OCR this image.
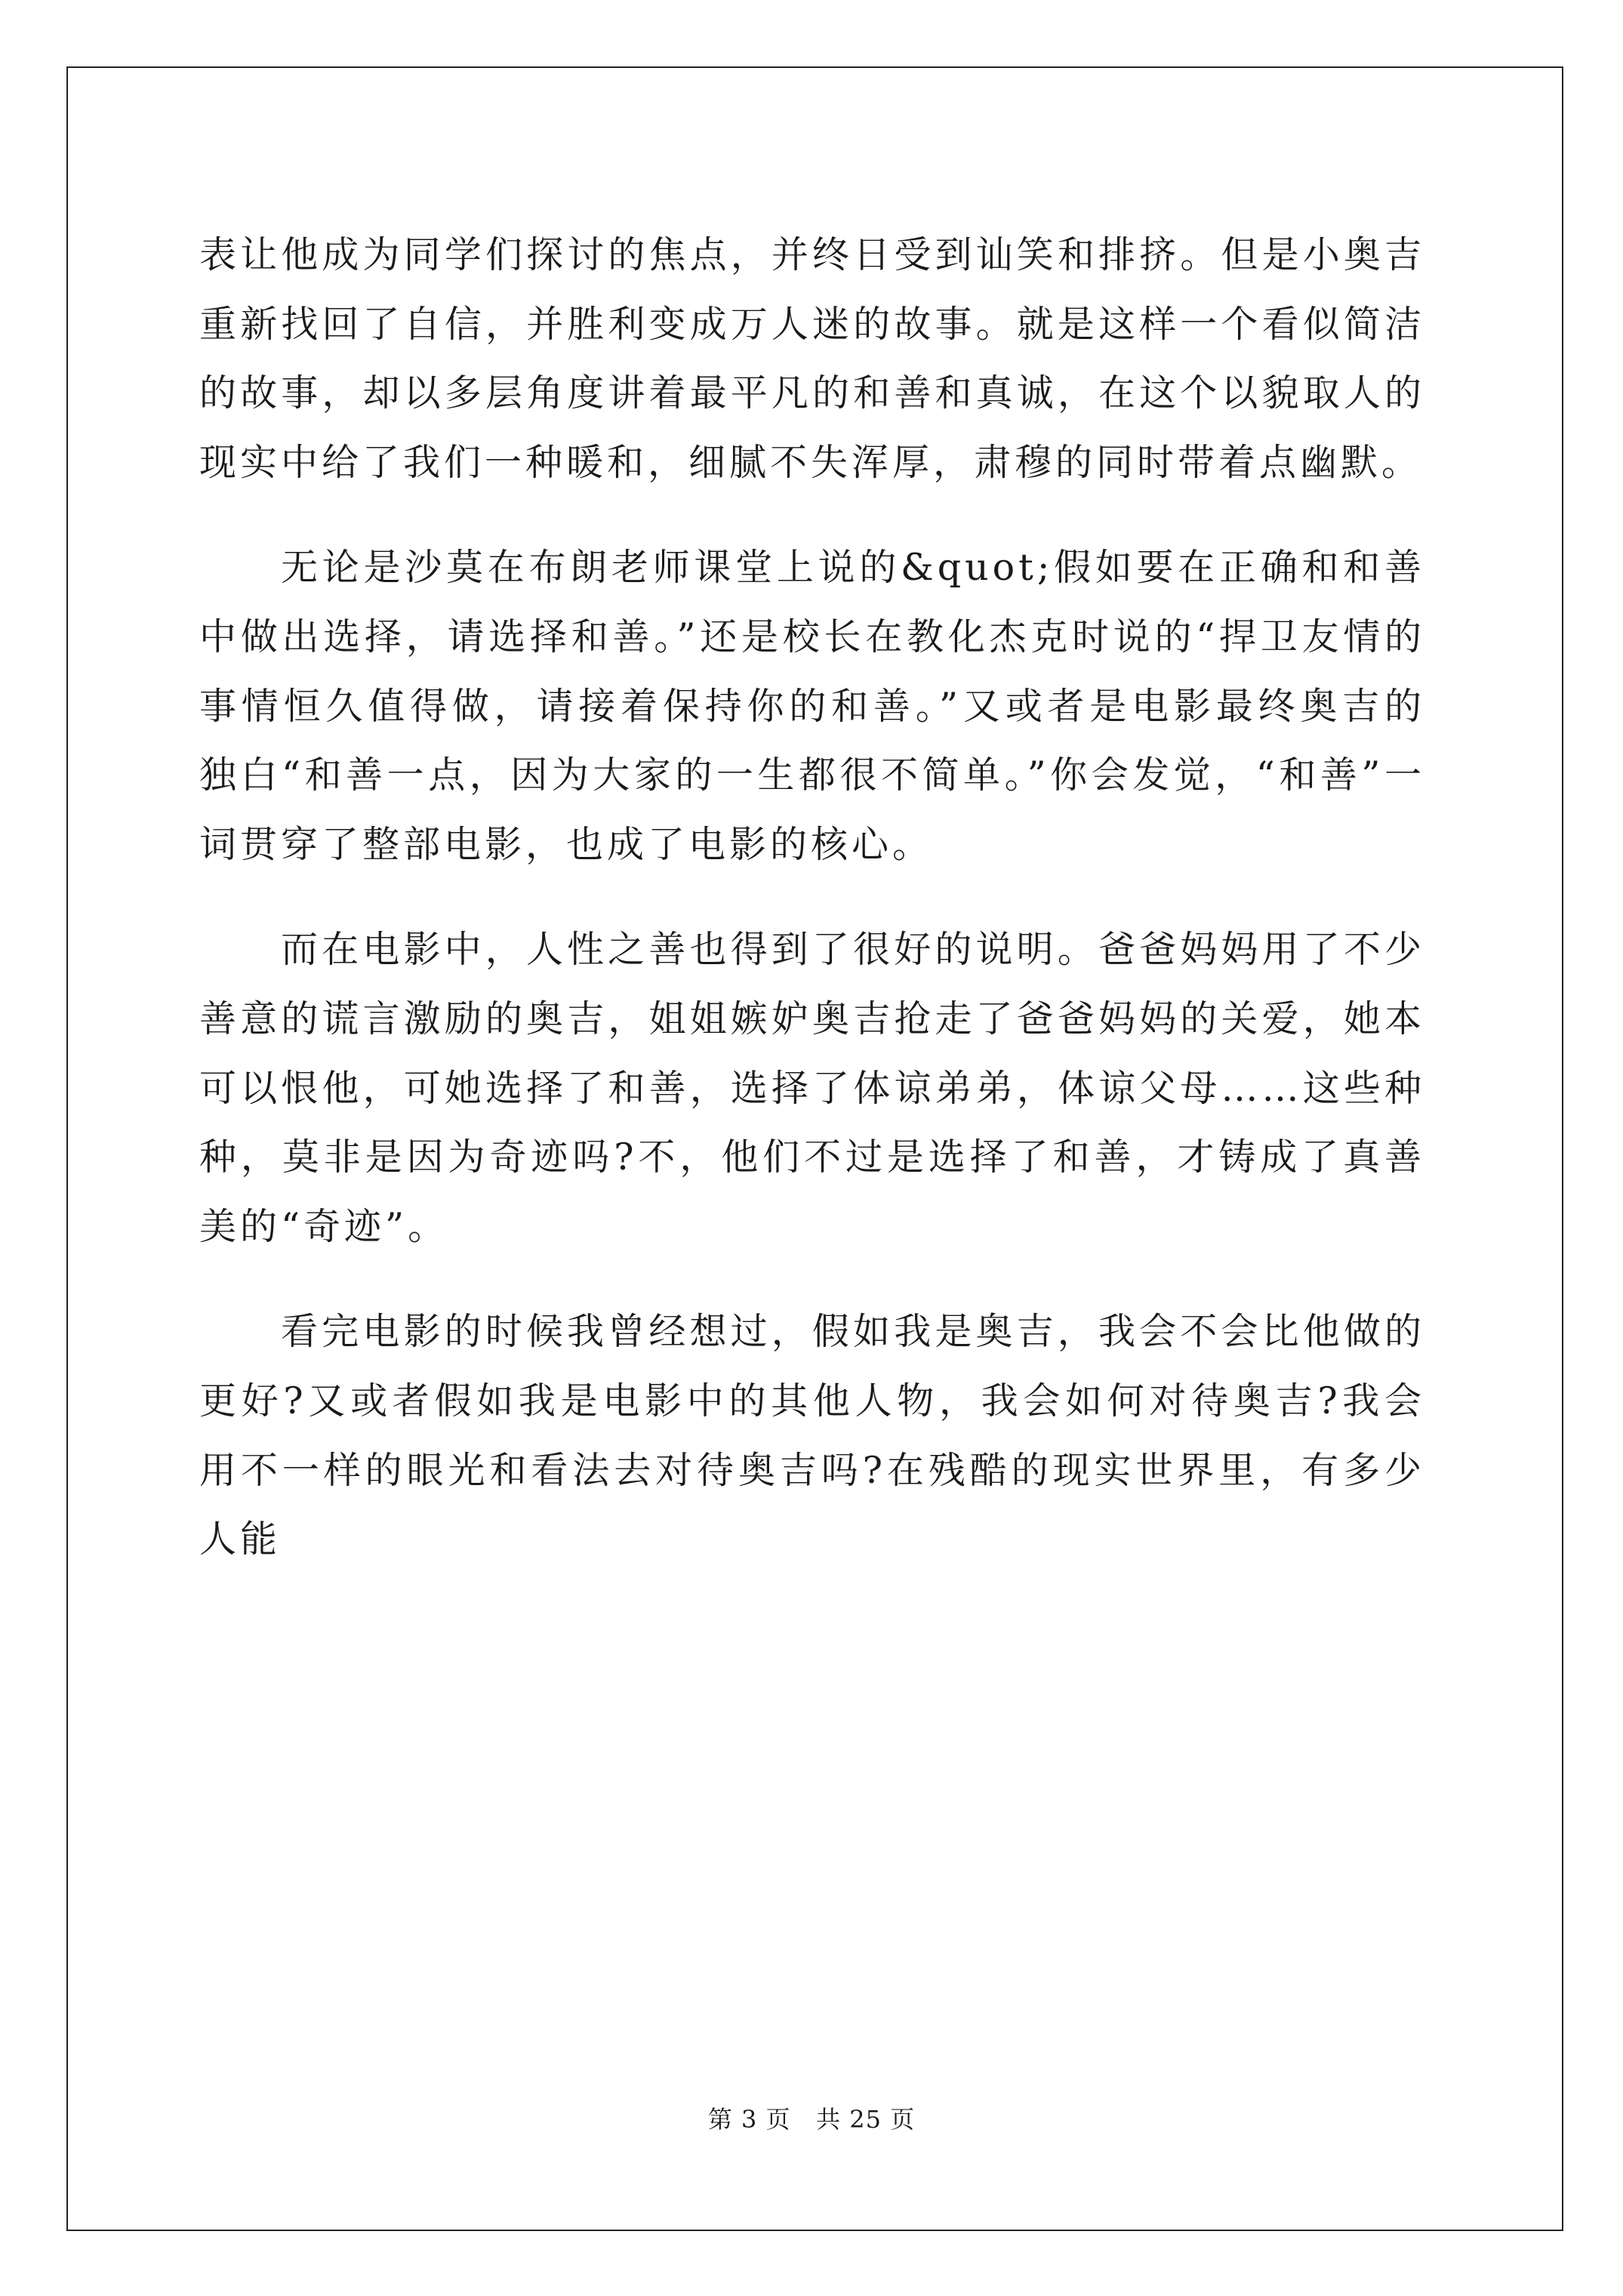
表让他成为同学们探讨的焦点，并终日受到讪笑和排挤。但是小奥吉重新找回了自信，并胜利变成万人迷的故事。就是这样一个看似简洁的故事，却以多层角度讲着最平凡的和善和真诚，在这个以貌取人的现实中给了我们一种暖和，细腻不失浑厚，肃穆的同时带着点幽默。

无论是沙莫在布朗老师课堂上说的&quot;假如要在正确和和善中做出选择，请选择和善。”还是校长在教化杰克时说的“捍卫友情的事情恒久值得做，请接着保持你的和善。”又或者是电影最终奥吉的独白“和善一点，因为大家的一生都很不简单。”你会发觉，“和善”一词贯穿了整部电影，也成了电影的核心。

而在电影中，人性之善也得到了很好的说明。爸爸妈妈用了不少善意的谎言激励的奥吉，姐姐嫉妒奥吉抢走了爸爸妈妈的关爱，她本可以恨他，可她选择了和善，选择了体谅弟弟，体谅父母……这些种种，莫非是因为奇迹吗?不，他们不过是选择了和善，才铸成了真善美的“奇迹”。

看完电影的时候我曾经想过，假如我是奥吉，我会不会比他做的更好?又或者假如我是电影中的其他人物，我会如何对待奥吉?我会用不一样的眼光和看法去对待奥吉吗?在残酷的现实世界里，有多少人能

第 3 页 共 25 页
